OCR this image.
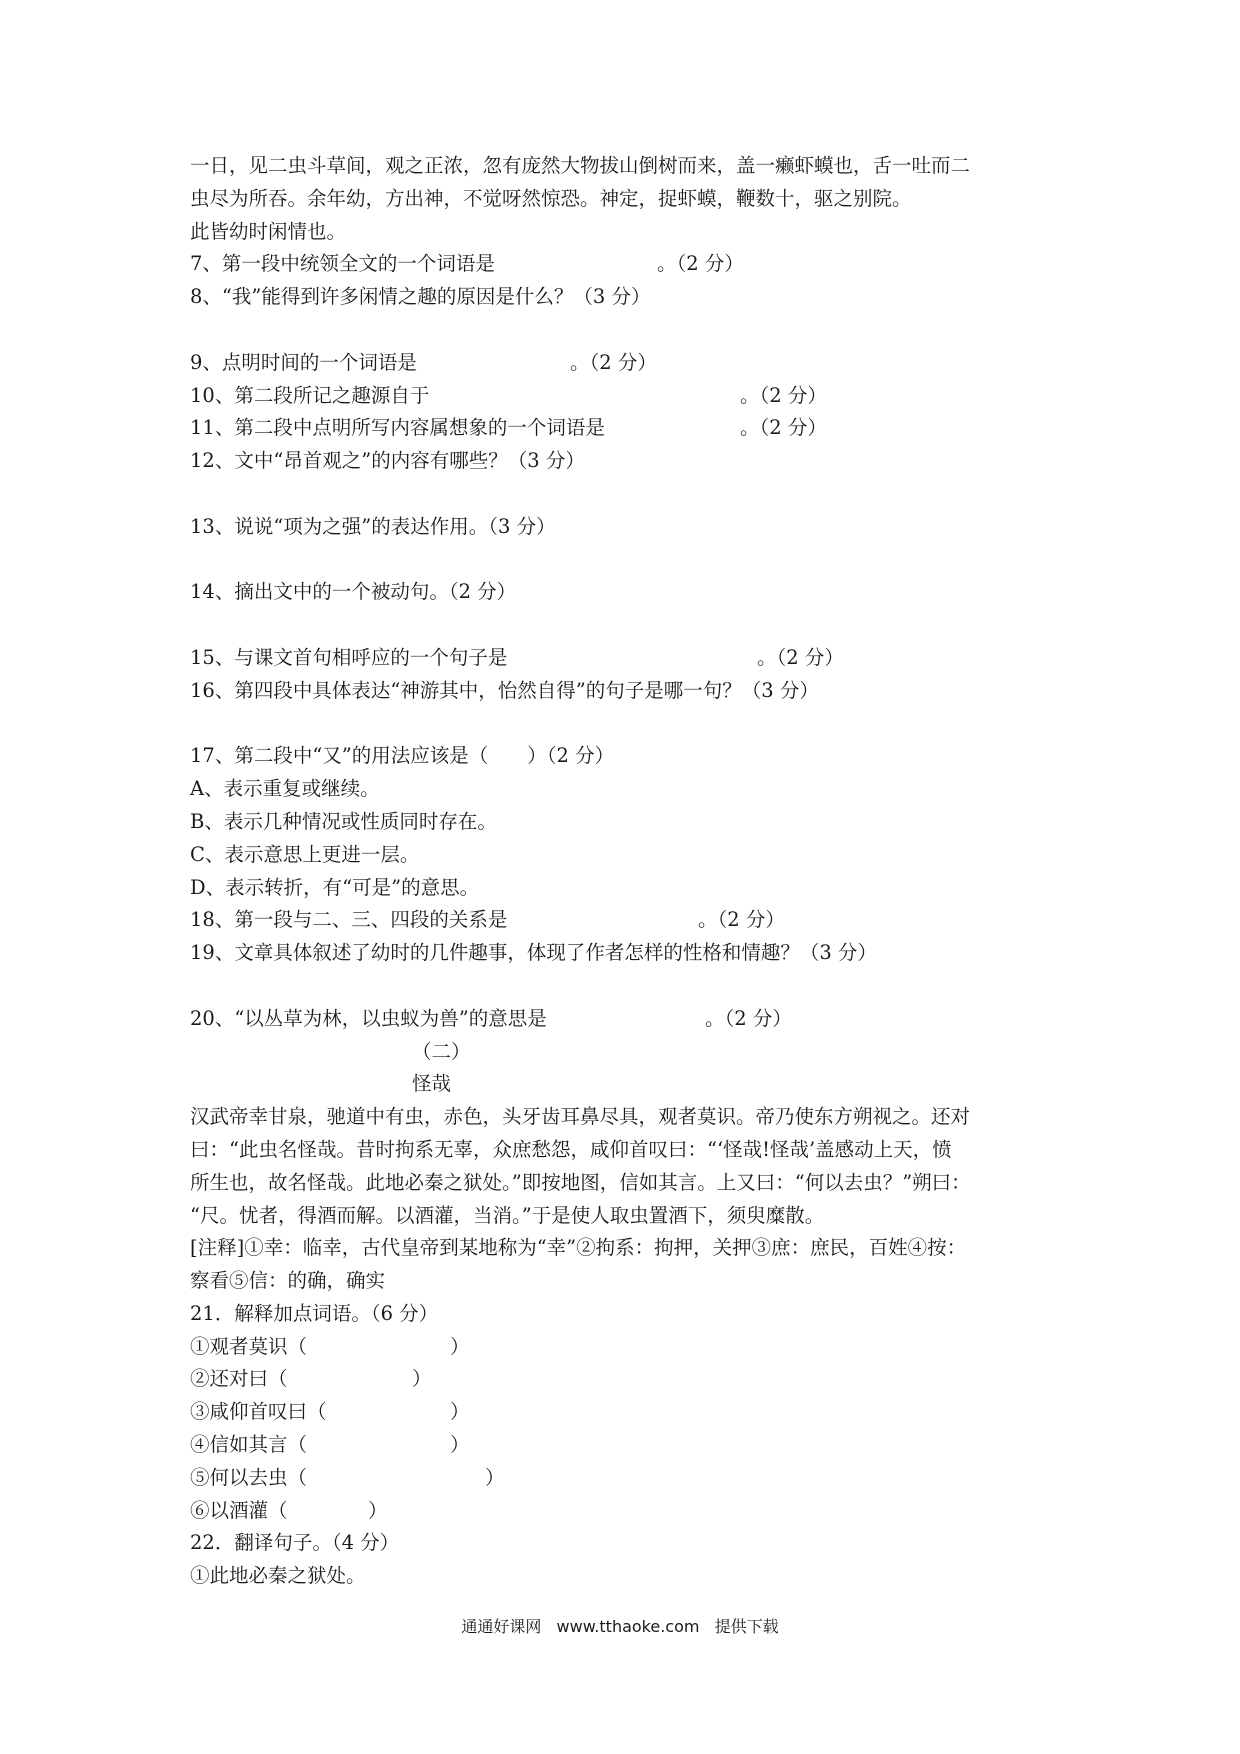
一日，见二虫斗草间，观之正浓，忽有庞然大物拔山倒树而来，盖一癞虾蟆也，舌一吐而二
虫尽为所吞。余年幼，方出神，不觉呀然惊恐。神定，捉虾蟆，鞭数十，驱之别院。
此皆幼时闲情也。
7、第一段中统领全文的一个词语是	。（2 分）
8、“我”能得到许多闲情之趣的原因是什么？（3 分）
9、点明时间的一个词语是	。（2 分）
10、第二段所记之趣源自于	。（2 分）
11、第二段中点明所写内容属想象的一个词语是	。（2 分）
12、文中“昂首观之”的内容有哪些？（3 分）
13、说说“项为之强”的表达作用。（3 分）
14、摘出文中的一个被动句。（2 分）
15、与课文首句相呼应的一个句子是	。（2 分）
16、第四段中具体表达“神游其中，怡然自得”的句子是哪一句？（3 分）
17、第二段中“又”的用法应该是（　　）（2 分）
A、表示重复或继续。
B、表示几种情况或性质同时存在。
C、表示意思上更进一层。
D、表示转折，有“可是”的意思。
18、第一段与二、三、四段的关系是	。（2 分）
19、文章具体叙述了幼时的几件趣事，体现了作者怎样的性格和情趣？（3 分）
20、“以丛草为林，以虫蚁为兽”的意思是	。（2 分）
（二）
怪哉
汉武帝幸甘泉，驰道中有虫，赤色，头牙齿耳鼻尽具，观者莫识。帝乃使东方朔视之。还对
曰：“此虫名怪哉。昔时拘系无辜，众庶愁怨，咸仰首叹曰：“‘怪哉!怪哉’盖感动上天，愤
所生也，故名怪哉。此地必秦之狱处。”即按地图，信如其言。上又曰：“何以去虫？”朔曰：
“尺。忧者，得酒而解。以酒灌，当消。”于是使人取虫置酒下，须臾糜散。
[注释]①幸：临幸，古代皇帝到某地称为“幸”②拘系：拘押，关押③庶：庶民，百姓④按：
察看⑤信：的确，确实
21．解释加点词语。（6 分）
①观者莫识（	）
②还对曰（	）
③咸仰首叹曰（	）
④信如其言（	）
⑤何以去虫（	）
⑥以酒灌（	）
22．翻译句子。（4 分）
①此地必秦之狱处。
通通好课网 www.tthaoke.com 提供下载
